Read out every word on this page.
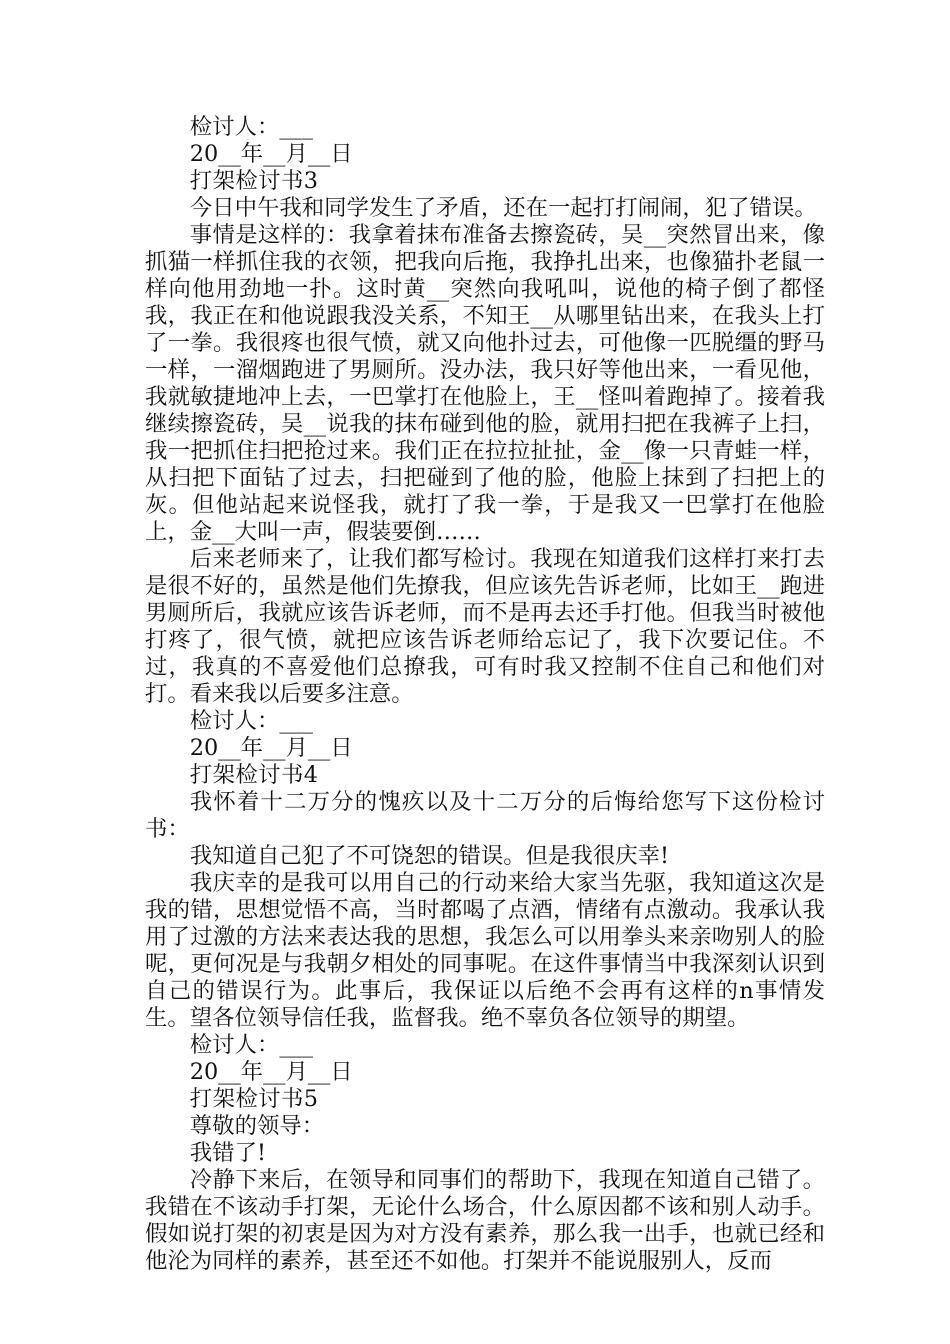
检讨人：___

20__年__月__日

打架检讨书3

今日中午我和同学发生了矛盾，还在一起打打闹闹，犯了错误。

事情是这样的：我拿着抹布准备去擦瓷砖，吴__突然冒出来，像抓猫一样抓住我的衣领，把我向后拖，我挣扎出来，也像猫扑老鼠一样向他用劲地一扑。这时黄__突然向我吼叫，说他的椅子倒了都怪我，我正在和他说跟我没关系，不知王__从哪里钻出来，在我头上打了一拳。我很疼也很气愤，就又向他扑过去，可他像一匹脱缰的野马一样，一溜烟跑进了男厕所。没办法，我只好等他出来，一看见他，我就敏捷地冲上去，一巴掌打在他脸上，王__怪叫着跑掉了。接着我继续擦瓷砖，吴__说我的抹布碰到他的脸，就用扫把在我裤子上扫，我一把抓住扫把抢过来。我们正在拉拉扯扯，金__像一只青蛙一样，从扫把下面钻了过去，扫把碰到了他的脸，他脸上抹到了扫把上的灰。但他站起来说怪我，就打了我一拳，于是我又一巴掌打在他脸上，金__大叫一声，假装要倒……

后来老师来了，让我们都写检讨。我现在知道我们这样打来打去是很不好的，虽然是他们先撩我，但应该先告诉老师，比如王__跑进男厕所后，我就应该告诉老师，而不是再去还手打他。但我当时被他打疼了，很气愤，就把应该告诉老师给忘记了，我下次要记住。不过，我真的不喜爱他们总撩我，可有时我又控制不住自己和他们对打。看来我以后要多注意。

检讨人：___

20__年__月__日

打架检讨书4

我怀着十二万分的愧疚以及十二万分的后悔给您写下这份检讨书：

我知道自己犯了不可饶恕的错误。但是我很庆幸!

我庆幸的是我可以用自己的行动来给大家当先驱，我知道这次是我的错，思想觉悟不高，当时都喝了点酒，情绪有点激动。我承认我用了过激的方法来表达我的思想，我怎么可以用拳头来亲吻别人的脸呢，更何况是与我朝夕相处的同事呢。在这件事情当中我深刻认识到自己的错误行为。此事后，我保证以后绝不会再有这样的n事情发生。望各位领导信任我，监督我。绝不辜负各位领导的期望。

检讨人：___

20__年__月__日

打架检讨书5

尊敬的领导：

我错了!

冷静下来后，在领导和同事们的帮助下，我现在知道自己错了。我错在不该动手打架，无论什么场合，什么原因都不该和别人动手。假如说打架的初衷是因为对方没有素养，那么我一出手，也就已经和他沦为同样的素养，甚至还不如他。打架并不能说服别人，反而
